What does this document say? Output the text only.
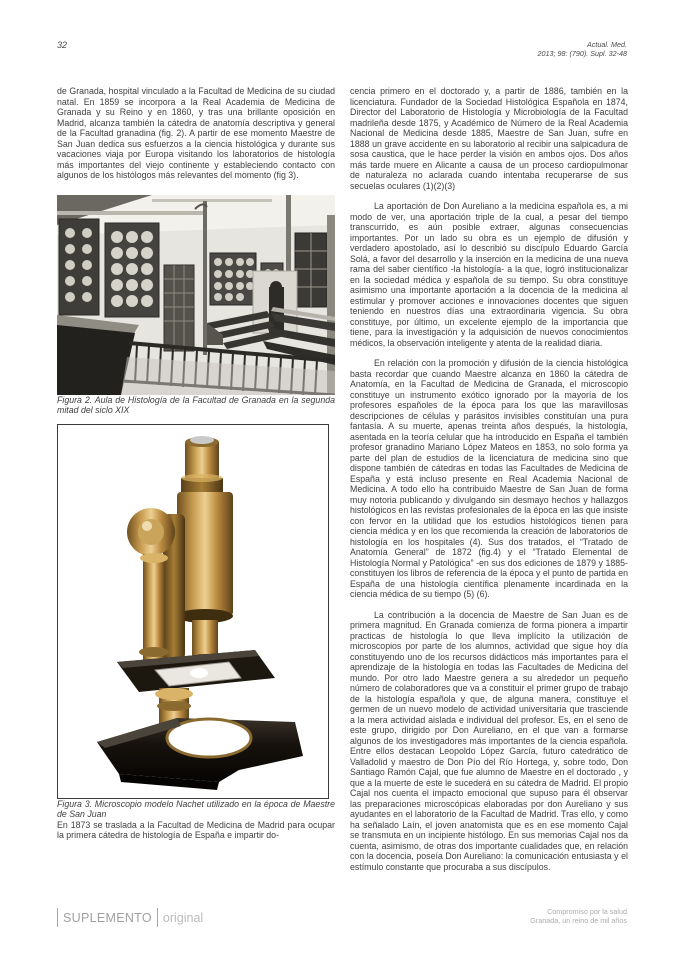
32	Actual. Med.
2013; 98: (790). Supl. 32-48

de Granada, hospital vinculado a la Facultad de Medicina de su ciudad natal. En 1859 se incorpora a la Real Academia de Medicina de Granada y su Reino y en 1860, y tras una brillante oposición en Madrid, alcanza también la cátedra de anatomía descriptiva y general de la Facultad granadina (fig. 2). A partir de ese momento Maestre de San Juan dedica sus esfuerzos a la ciencia histológica y durante sus vacaciones viaja por Europa visitando los laboratorios de histología más importantes del viejo continente y estableciendo contacto con algunos de los histólogos más relevantes del momento (fig 3).

Figura 2. Aula de Histología de la Facultad de Granada en la segunda mitad del siclo XIX

Figura 3. Microscopio modelo Nachet utilizado en la época de Maestre de San Juan

En 1873 se traslada a la Facultad de Medicina de Madrid para ocupar la primera cátedra de histología de España e impartir do-

cencia primero en el doctorado y, a partir de 1886, también en la licenciatura. Fundador de la Sociedad Histológica Española en 1874, Director del Laboratorio de Histología y Microbiología de la Facultad madrileña desde 1875, y Académico de Número de la Real Academia Nacional de Medicina desde 1885, Maestre de San Juan, sufre en 1888 un grave accidente en su laboratorio al recibir una salpicadura de sosa caustica, que le hace perder la visión en ambos ojos. Dos años más tarde muere en Alicante a causa de un proceso cardiopulmonar de naturaleza no aclarada cuando intentaba recuperarse de sus secuelas oculares (1)(2)(3)

La aportación de Don Aureliano a la medicina española es, a mi modo de ver, una aportación triple de la cual, a pesar del tiempo transcurrido, es aún posible extraer, algunas consecuencias importantes. Por un lado su obra es un ejemplo de difusión y verdadero apostolado, así lo describió su discípulo Eduardo García Solá, a favor del desarrollo y la inserción en la medicina de una nueva rama del saber científico -la histología- a la que, logró institucionalizar en la sociedad médica y española de su tiempo. Su obra constituye asimismo una importante aportación a la docencia de la medicina al estimular y promover acciones e innovaciones docentes que siguen teniendo en nuestros días una extraordinaria vigencia. Su obra constituye, por último, un excelente ejemplo de la importancia que tiene, para la investigación y la adquisición de nuevos conocimientos médicos, la observación inteligente y atenta de la realidad diaria.

En relación con la promoción y difusión de la ciencia histológica basta recordar que cuando Maestre alcanza en 1860 la cátedra de Anatomía, en la Facultad de Medicina de Granada, el microscopio constituye un instrumento exótico ignorado por la mayoría de los profesores españoles de la época para los que las maravillosas descripciones de células y parásitos invisibles constituían una pura fantasía. A su muerte, apenas treinta años después, la histología, asentada en la teoría celular que ha introducido en España el también profesor granadino Mariano López Mateos en 1853, no solo forma ya parte del plan de estudios de la licenciatura de medicina sino que dispone también de cátedras en todas las Facultades de Medicina de España y está incluso presente en Real Academia Nacional de Medicina. A todo ello ha contribuido Maestre de San Juan de forma muy notoria publicando y divulgando sin desmayo hechos y hallazgos histológicos en las revistas profesionales de la época en las que insiste con fervor en la utilidad que los estudios histológicos tienen para ciencia médica y en los que recomienda la creación de laboratorios de histología en los hospitales (4). Sus dos tratados, el “Tratado de Anatomía General” de 1872 (fig.4) y el “Tratado Elemental de Histología Normal y Patológica” -en sus dos ediciones de 1879 y 1885- constituyen los libros de referencia de la época y el punto de partida en España de una histología científica plenamente incardinada en la ciencia médica de su tiempo (5) (6).

La contribución a la docencia de Maestre de San Juan es de primera magnitud. En Granada comienza de forma pionera a impartir practicas de histología lo que lleva implícito la utilización de microscopios por parte de los alumnos, actividad que sigue hoy día constituyendo uno de los recursos didácticos más importantes para el aprendizaje de la histología en todas las Facultades de Medicina del mundo. Por otro lado Maestre genera a su alrededor un pequeño número de colaboradores que va a constituir el primer grupo de trabajo de la histología española y que, de alguna manera, constituye el germen de un nuevo modelo de actividad universitaria que trasciende a la mera actividad aislada e individual del profesor. Es, en el seno de este grupo, dirigido por Don Aureliano, en el que van a formarse algunos de los investigadores más importantes de la ciencia española. Entre ellos destacan Leopoldo López García, futuro catedrático de Valladolid y maestro de Don Pío del Río Hortega, y, sobre todo, Don Santiago Ramón Cajal, que fue alumno de Maestre en el doctorado , y que a la muerte de este le sucederá en su cátedra de Madrid. El propio Cajal nos cuenta el impacto emocional que supuso para él observar las preparaciones microscópicas elaboradas por don Aureliano y sus ayudantes en el laboratorio de la Facultad de Madrid. Tras ello, y como ha señalado Laín, el joven anatomista que es en ese momento Cajal se transmuta en un incipiente histólogo. En sus memorias Cajal nos da cuenta, asimismo, de otras dos importante cualidades que, en relación con la docencia, poseía Don Aureliano: la comunicación entusiasta y el estímulo constante que procuraba a sus discípulos.

SUPLEMENTO original	Compromiso por la salud
Granada, un reino de mil años
